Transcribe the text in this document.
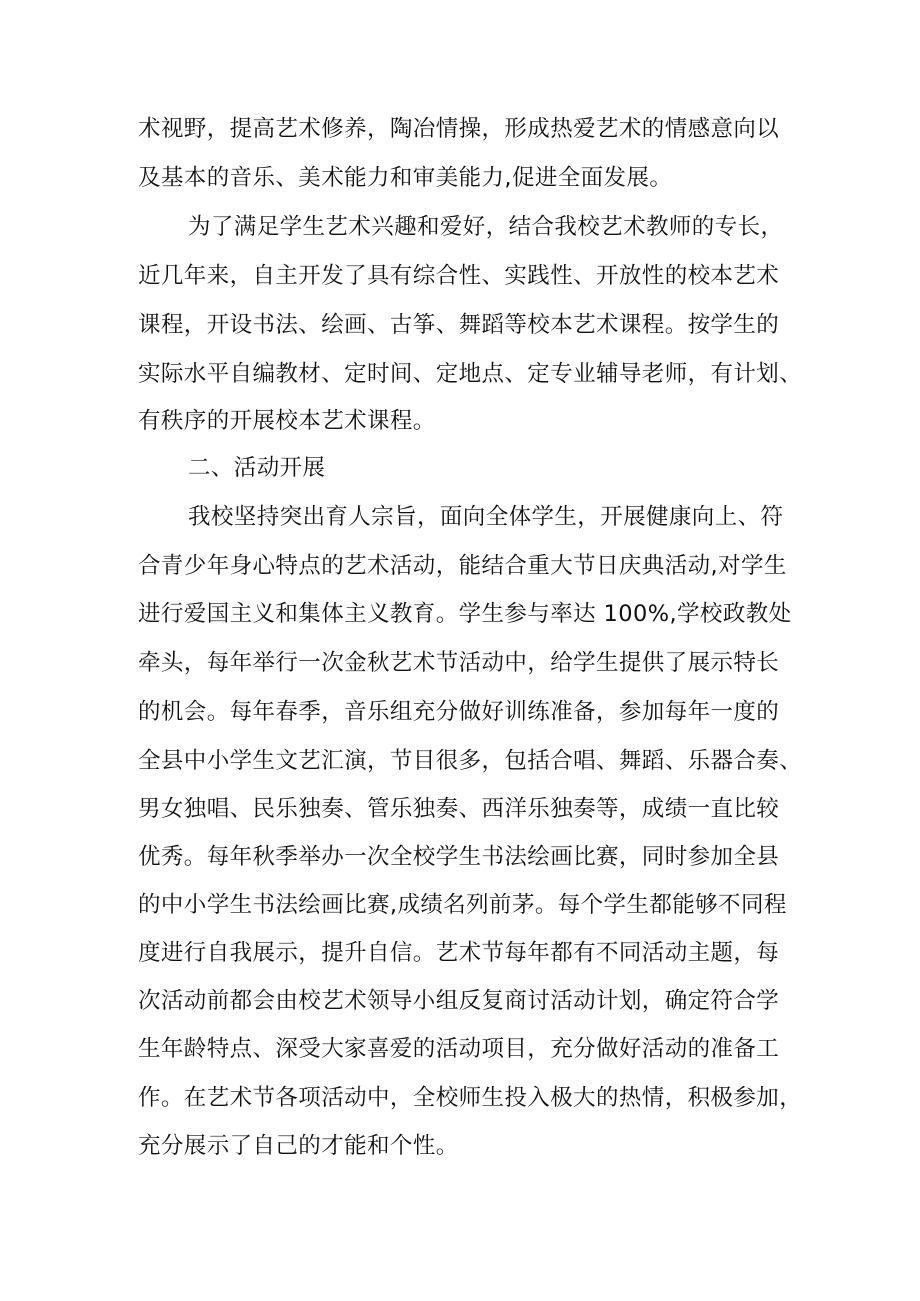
术视野，提高艺术修养，陶冶情操，形成热爱艺术的情感意向以
及基本的音乐、美术能力和审美能力,促进全面发展。
为了满足学生艺术兴趣和爱好，结合我校艺术教师的专长，
近几年来，自主开发了具有综合性、实践性、开放性的校本艺术
课程，开设书法、绘画、古筝、舞蹈等校本艺术课程。按学生的
实际水平自编教材、定时间、定地点、定专业辅导老师，有计划、
有秩序的开展校本艺术课程。
二、活动开展
我校坚持突出育人宗旨，面向全体学生，开展健康向上、符
合青少年身心特点的艺术活动，能结合重大节日庆典活动,对学生
进行爱国主义和集体主义教育。学生参与率达 100%,学校政教处
牵头，每年举行一次金秋艺术节活动中，给学生提供了展示特长
的机会。每年春季，音乐组充分做好训练准备，参加每年一度的
全县中小学生文艺汇演，节目很多，包括合唱、舞蹈、乐器合奏、
男女独唱、民乐独奏、管乐独奏、西洋乐独奏等，成绩一直比较
优秀。每年秋季举办一次全校学生书法绘画比赛，同时参加全县
的中小学生书法绘画比赛,成绩名列前茅。每个学生都能够不同程
度进行自我展示，提升自信。艺术节每年都有不同活动主题，每
次活动前都会由校艺术领导小组反复商讨活动计划，确定符合学
生年龄特点、深受大家喜爱的活动项目，充分做好活动的准备工
作。在艺术节各项活动中，全校师生投入极大的热情，积极参加，
充分展示了自己的才能和个性。
